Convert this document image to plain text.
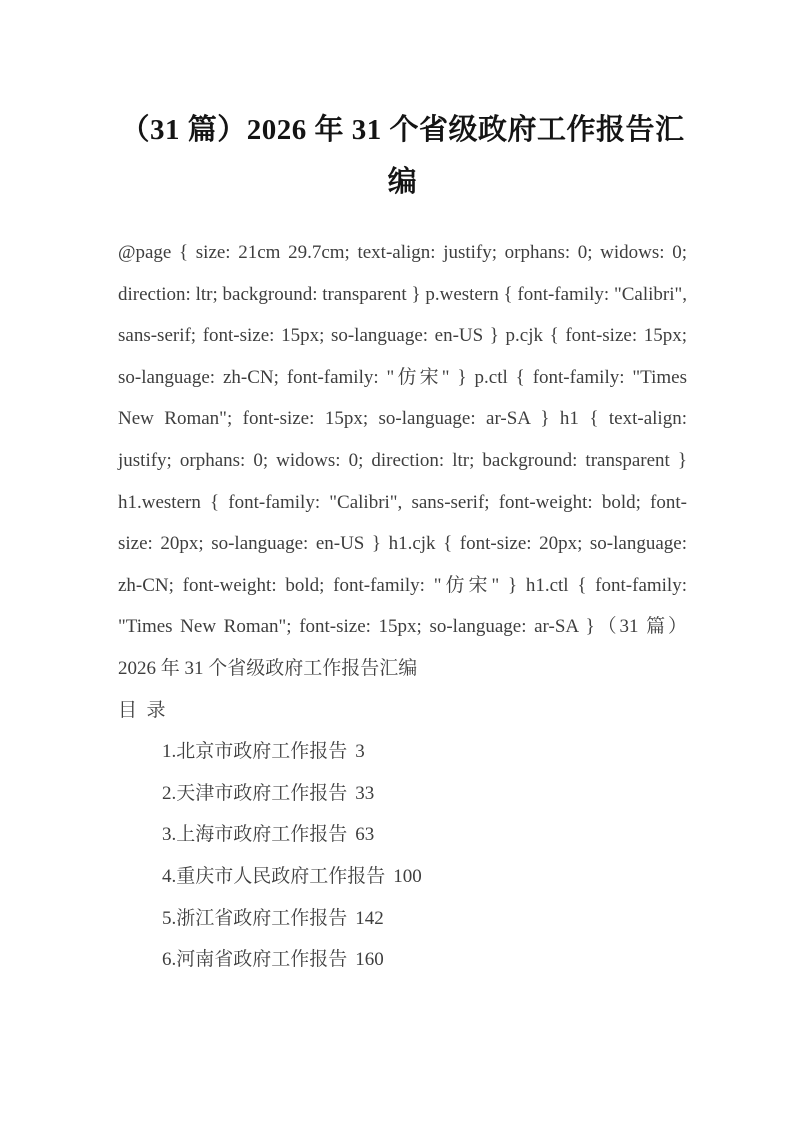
（31 篇）2026 年 31 个省级政府工作报告汇编

@page { size: 21cm 29.7cm; text-align: justify; orphans: 0; widows: 0; direction: ltr; background: transparent } p.western { font-family: "Calibri", sans-serif; font-size: 15px; so-language: en-US } p.cjk { font-size: 15px; so-language: zh-CN; font-family: "仿宋" } p.ctl { font-family: "Times New Roman"; font-size: 15px; so-language: ar-SA } h1 { text-align: justify; orphans: 0; widows: 0; direction: ltr; background: transparent } h1.western { font-family: "Calibri", sans-serif; font-weight: bold; font-size: 20px; so-language: en-US } h1.cjk { font-size: 20px; so-language: zh-CN; font-weight: bold; font-family: "仿宋" } h1.ctl { font-family: "Times New Roman"; font-size: 15px; so-language: ar-SA }（31 篇）2026 年 31 个省级政府工作报告汇编

目  录

1.北京市政府工作报告 3
2.天津市政府工作报告 33
3.上海市政府工作报告 63
4.重庆市人民政府工作报告 100
5.浙江省政府工作报告 142
6.河南省政府工作报告 160
